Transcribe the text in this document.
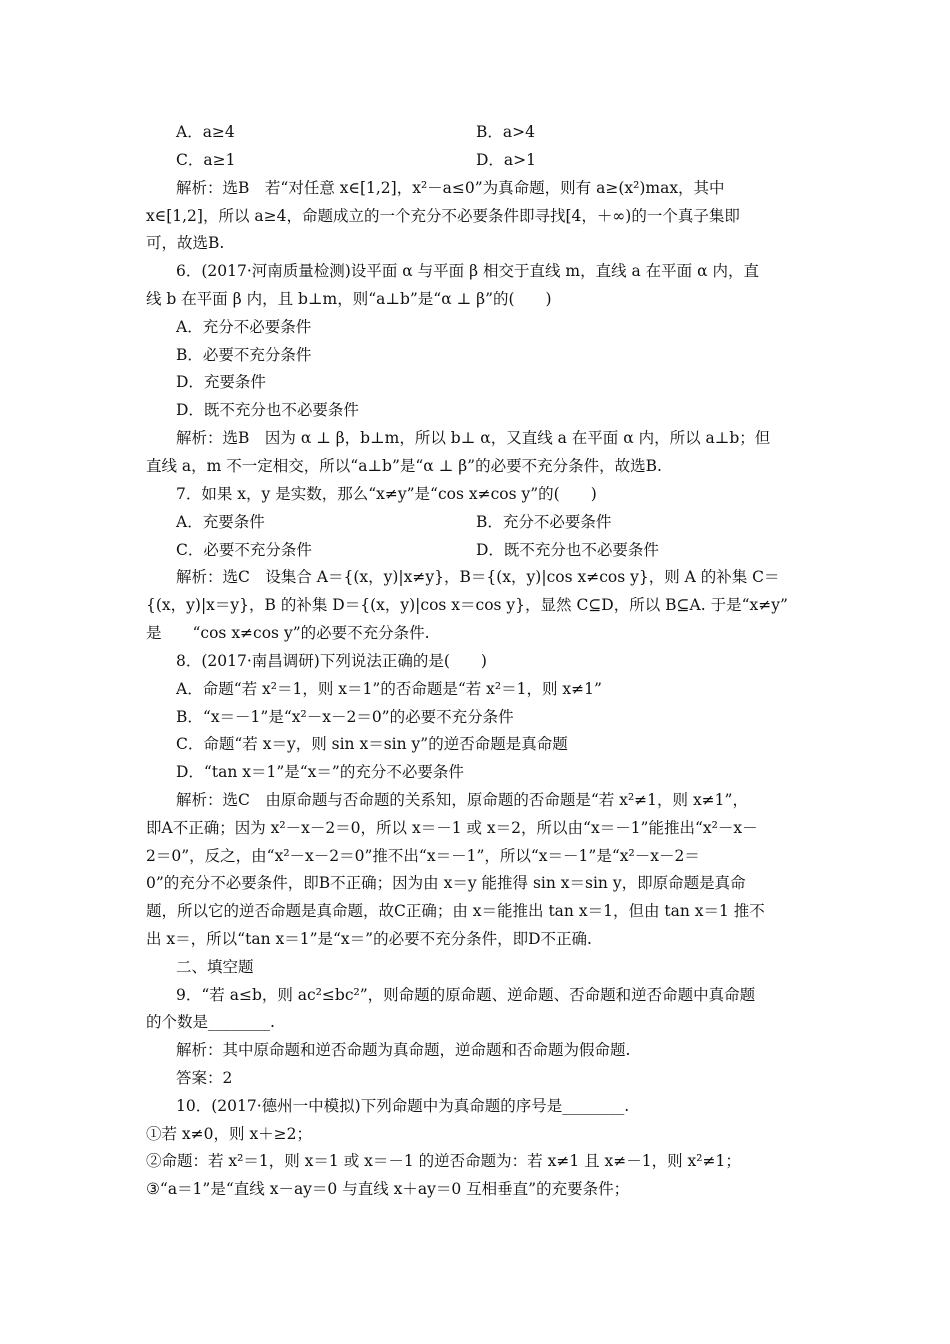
A．a≥4	B．a>4
C．a≥1	D．a>1
解析：选B　若“对任意 x∈[1,2]，x²－a≤0”为真命题，则有 a≥(x²)max，其中
x∈[1,2]，所以 a≥4，命题成立的一个充分不必要条件即寻找[4，＋∞)的一个真子集即
可，故选B.
6．(2017·河南质量检测)设平面 α 与平面 β 相交于直线 m，直线 a 在平面 α 内，直
线 b 在平面 β 内，且 b⊥m，则“a⊥b”是“α ⊥ β”的(　　)
A．充分不必要条件
B．必要不充分条件
D．充要条件
D．既不充分也不必要条件
解析：选B　因为 α ⊥ β，b⊥m，所以 b⊥ α，又直线 a 在平面 α 内，所以 a⊥b；但
直线 a，m 不一定相交，所以“a⊥b”是“α ⊥ β”的必要不充分条件，故选B.
7．如果 x，y 是实数，那么“x≠y”是“cos x≠cos y”的(　　)
A．充要条件	B．充分不必要条件
C．必要不充分条件	D．既不充分也不必要条件
解析：选C　设集合 A＝{(x，y)|x≠y}，B＝{(x，y)|cos x≠cos y}，则 A 的补集 C＝
{(x，y)|x＝y}，B 的补集 D＝{(x，y)|cos x＝cos y}，显然 C⊆D，所以 B⊆A. 于是“x≠y”
是　　“cos x≠cos y”的必要不充分条件.
8．(2017·南昌调研)下列说法正确的是(　　)
A．命题“若 x²＝1，则 x＝1”的否命题是“若 x²＝1，则 x≠1”
B．“x＝－1”是“x²－x－2＝0”的必要不充分条件
C．命题“若 x＝y，则 sin x＝sin y”的逆否命题是真命题
D．“tan x＝1”是“x＝”的充分不必要条件
解析：选C　由原命题与否命题的关系知，原命题的否命题是“若 x²≠1，则 x≠1”，
即A不正确；因为 x²－x－2＝0，所以 x＝－1 或 x＝2，所以由“x＝－1”能推出“x²－x－
2＝0”，反之，由“x²－x－2＝0”推不出“x＝－1”，所以“x＝－1”是“x²－x－2＝
0”的充分不必要条件，即B不正确；因为由 x＝y 能推得 sin x＝sin y，即原命题是真命
题，所以它的逆否命题是真命题，故C正确；由 x＝能推出 tan x＝1，但由 tan x＝1 推不
出 x＝，所以“tan x＝1”是“x＝”的必要不充分条件，即D不正确.
二、填空题
9．“若 a≤b，则 ac²≤bc²”，则命题的原命题、逆命题、否命题和逆否命题中真命题
的个数是________.
解析：其中原命题和逆否命题为真命题，逆命题和否命题为假命题.
答案：2
10．(2017·德州一中模拟)下列命题中为真命题的序号是________.
①若 x≠0，则 x＋≥2；
②命题：若 x²＝1，则 x＝1 或 x＝－1 的逆否命题为：若 x≠1 且 x≠－1，则 x²≠1；
③“a＝1”是“直线 x－ay＝0 与直线 x＋ay＝0 互相垂直”的充要条件；
